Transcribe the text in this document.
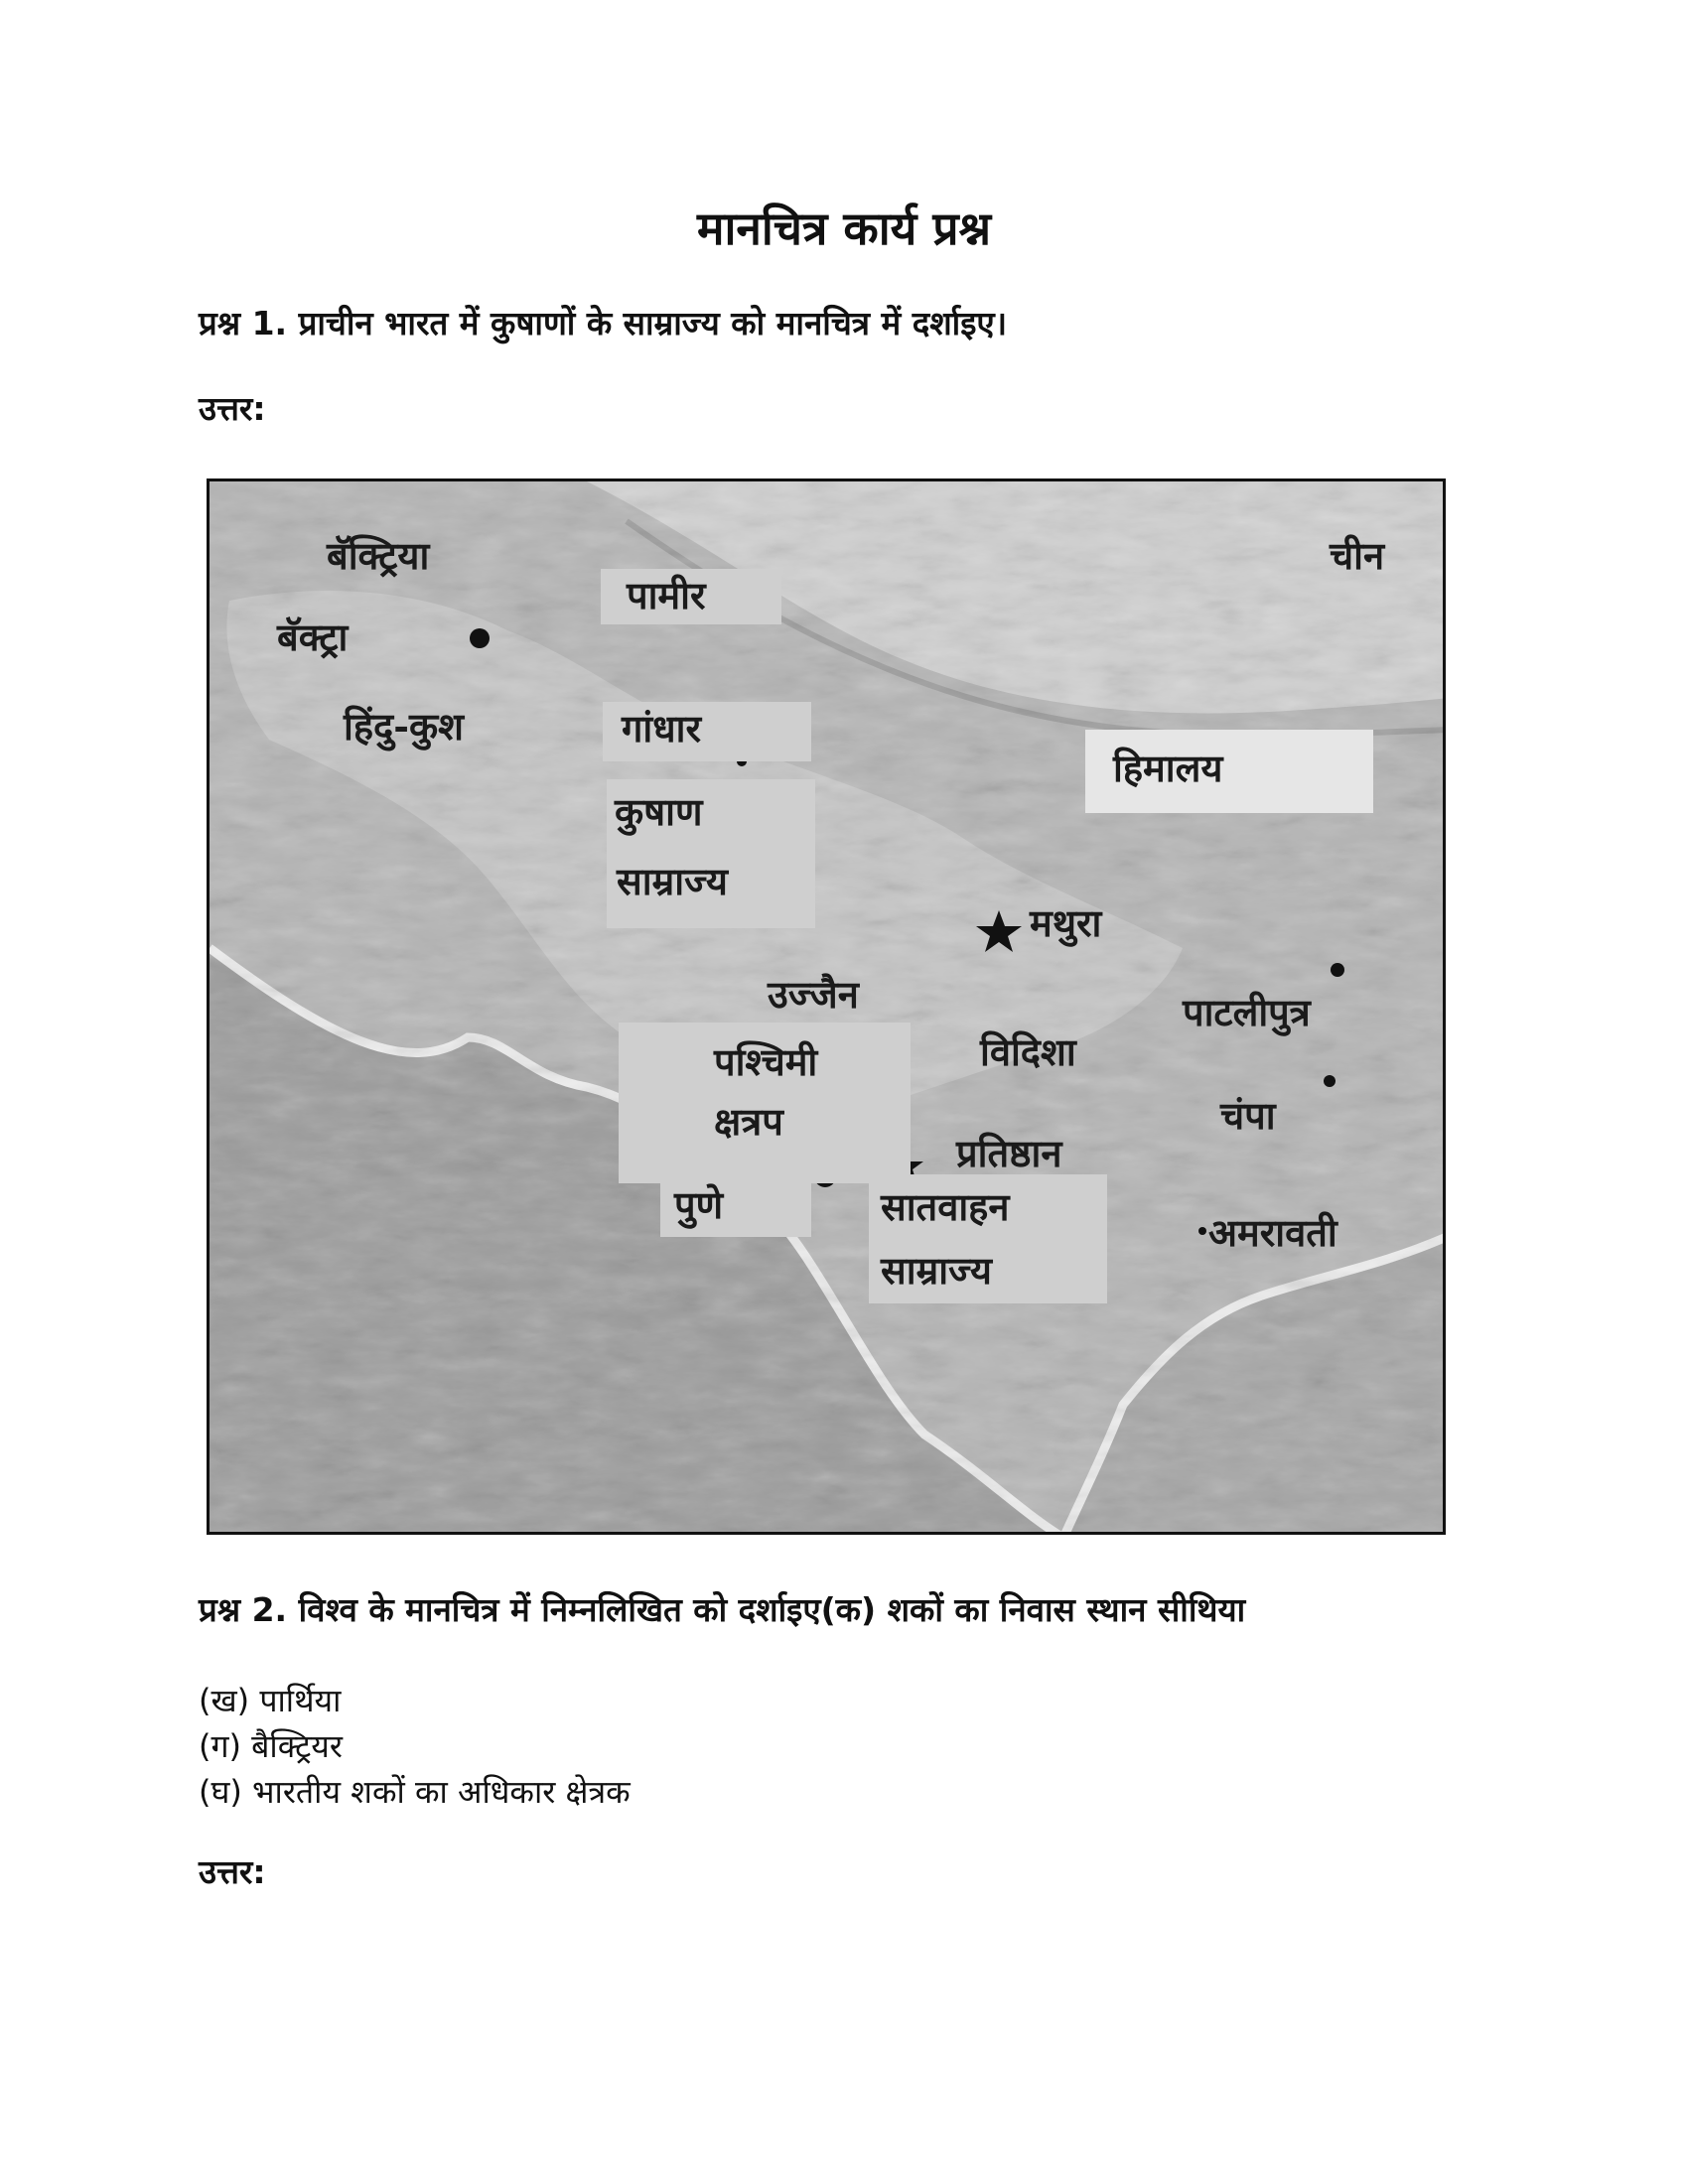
मानचित्र कार्य प्रश्न
प्रश्न 1. प्राचीन भारत में कुषाणों के साम्राज्य को मानचित्र में दर्शाइए।
उत्तर:
बॅक्ट्रिया
बॅक्ट्रा
पामीर
चीन
हिंदु-कुश	गांधार
हिमालय
कुषाण
साम्राज्य
मथुरा
उज्जैन	पाटलीपुत्र
पश्चिमी
क्षत्रप
विदिशा
चंपा
प्रतिष्ठान
पुणे	सातवाहन
साम्राज्य
अमरावती
प्रश्न 2. विश्व के मानचित्र में निम्नलिखित को दर्शाइए(क) शकों का निवास स्थान सीथिया
(ख) पार्थिया
(ग) बैक्ट्रियर
(घ) भारतीय शकों का अधिकार क्षेत्रक
उत्तर:
